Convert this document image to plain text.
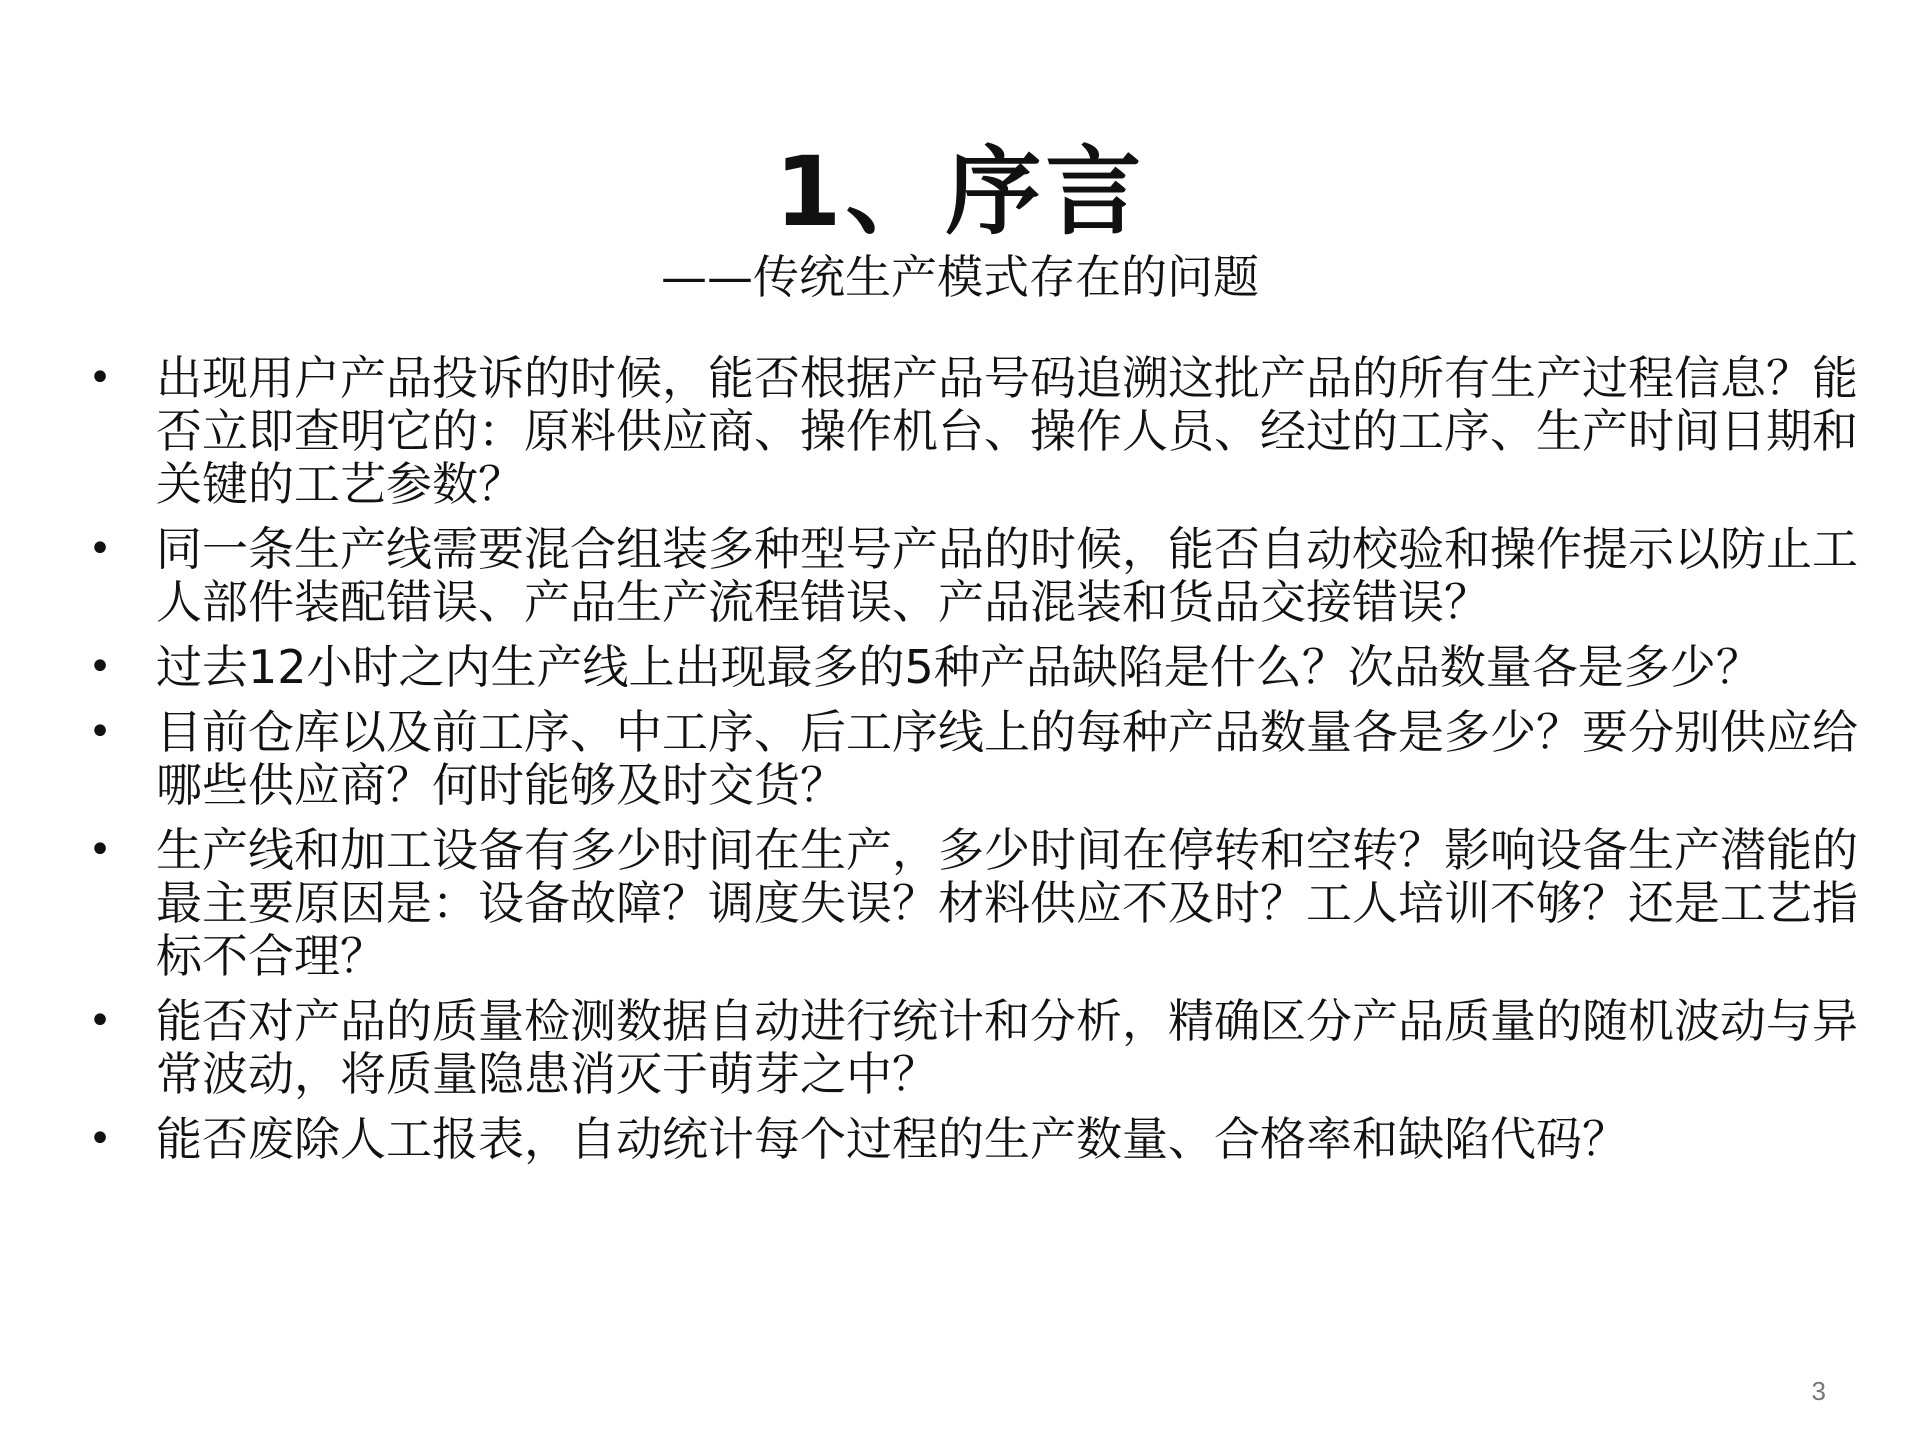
1、序言
——传统生产模式存在的问题
• 出现用户产品投诉的时候，能否根据产品号码追溯这批产品的所有生产过程信息？能否立即查明它的：原料供应商、操作机台、操作人员、经过的工序、生产时间日期和关键的工艺参数？
• 同一条生产线需要混合组装多种型号产品的时候，能否自动校验和操作提示以防止工人部件装配错误、产品生产流程错误、产品混装和货品交接错误？
• 过去12小时之内生产线上出现最多的5种产品缺陷是什么？次品数量各是多少？
• 目前仓库以及前工序、中工序、后工序线上的每种产品数量各是多少？要分别供应给哪些供应商？何时能够及时交货？
• 生产线和加工设备有多少时间在生产，多少时间在停转和空转？影响设备生产潜能的最主要原因是：设备故障？调度失误？材料供应不及时？工人培训不够？还是工艺指标不合理？
• 能否对产品的质量检测数据自动进行统计和分析，精确区分产品质量的随机波动与异常波动，将质量隐患消灭于萌芽之中？
• 能否废除人工报表，自动统计每个过程的生产数量、合格率和缺陷代码？
3
